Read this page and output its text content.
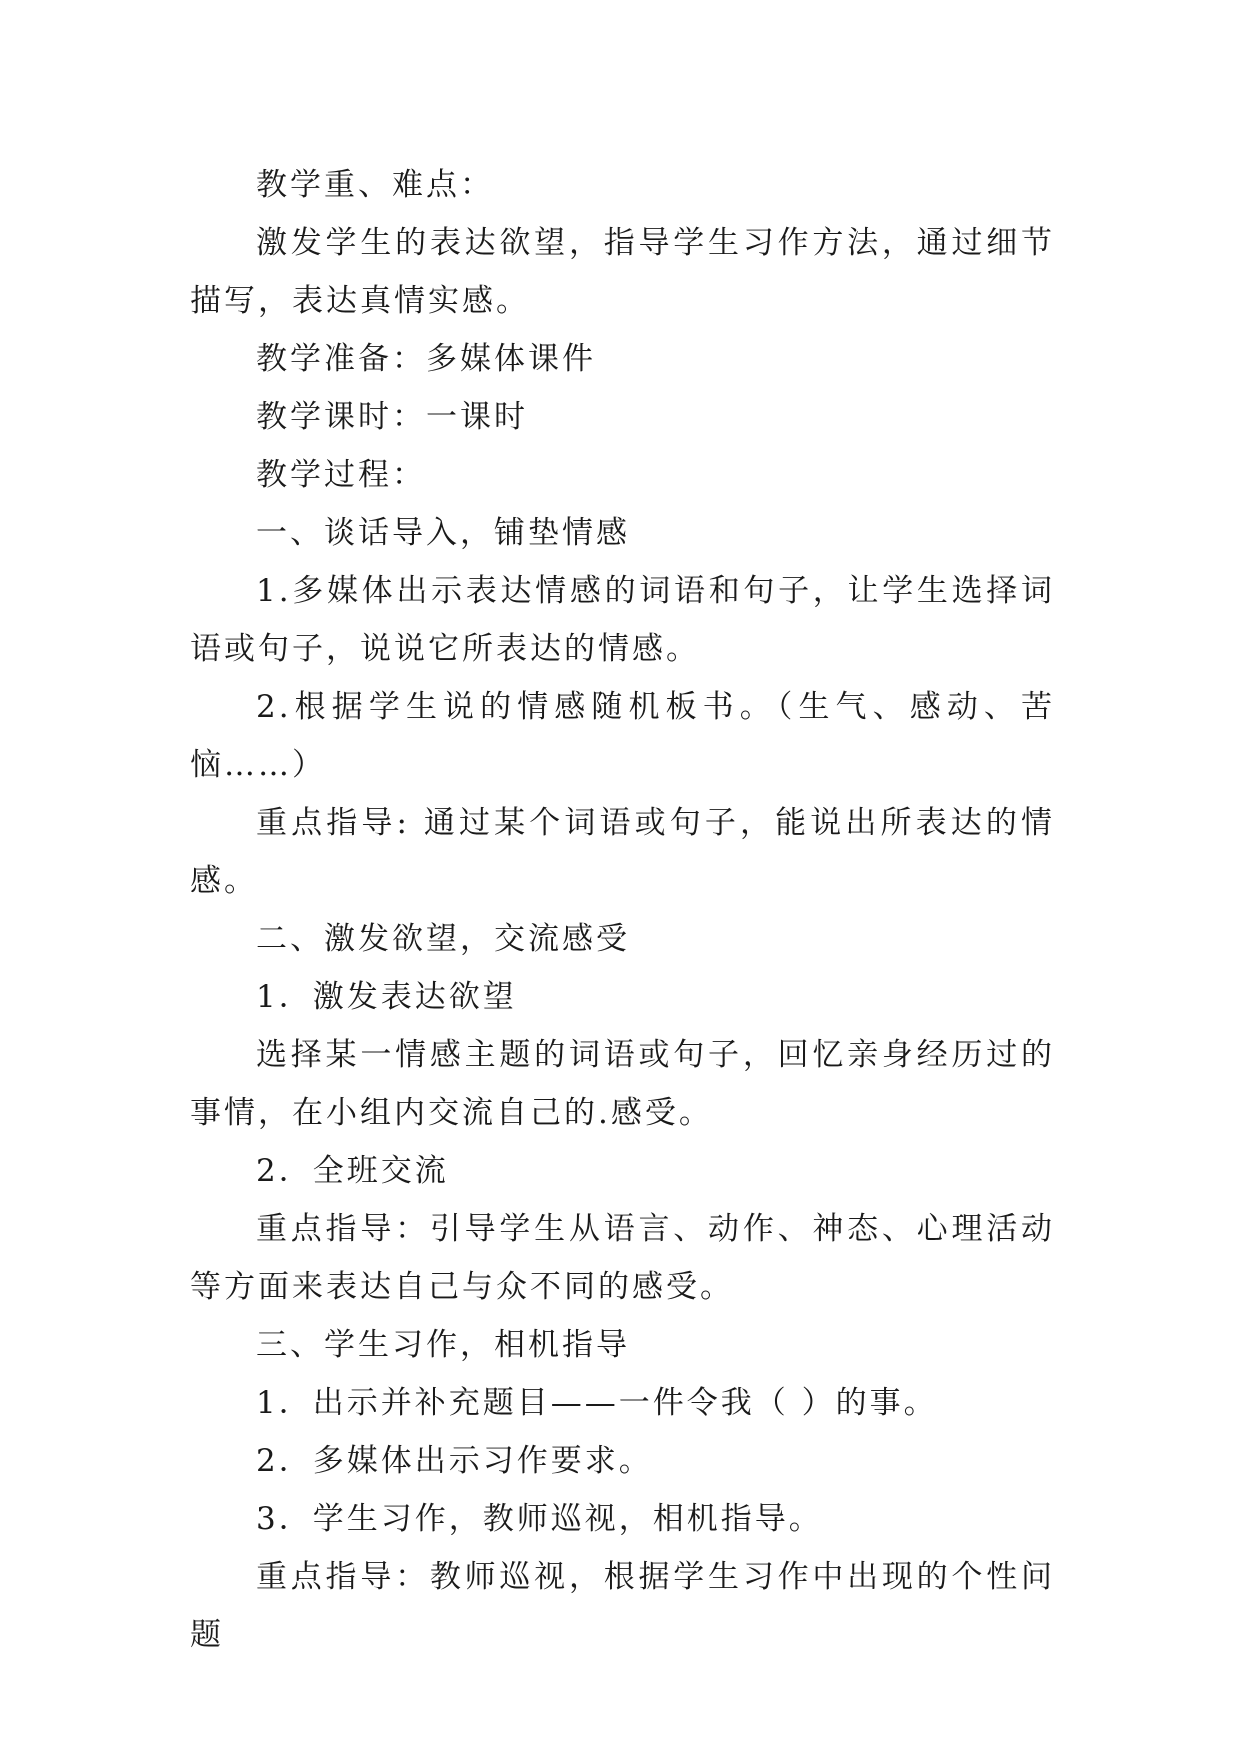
教学重、难点：

激发学生的表达欲望，指导学生习作方法，通过细节描写，表达真情实感。

教学准备：多媒体课件

教学课时：一课时

教学过程：

一、谈话导入，铺垫情感

1.多媒体出示表达情感的词语和句子，让学生选择词语或句子，说说它所表达的情感。

2.根据学生说的情感随机板书。（生气、感动、苦恼……）

重点指导: 通过某个词语或句子，能说出所表达的情感。

二、激发欲望，交流感受

1．激发表达欲望

选择某一情感主题的词语或句子，回忆亲身经历过的事情，在小组内交流自己的.感受。

2．全班交流

重点指导：引导学生从语言、动作、神态、心理活动等方面来表达自己与众不同的感受。

三、学生习作，相机指导

1．出示并补充题目——一件令我（ ）的事。

2．多媒体出示习作要求。

3．学生习作，教师巡视，相机指导。

重点指导：教师巡视，根据学生习作中出现的个性问题
